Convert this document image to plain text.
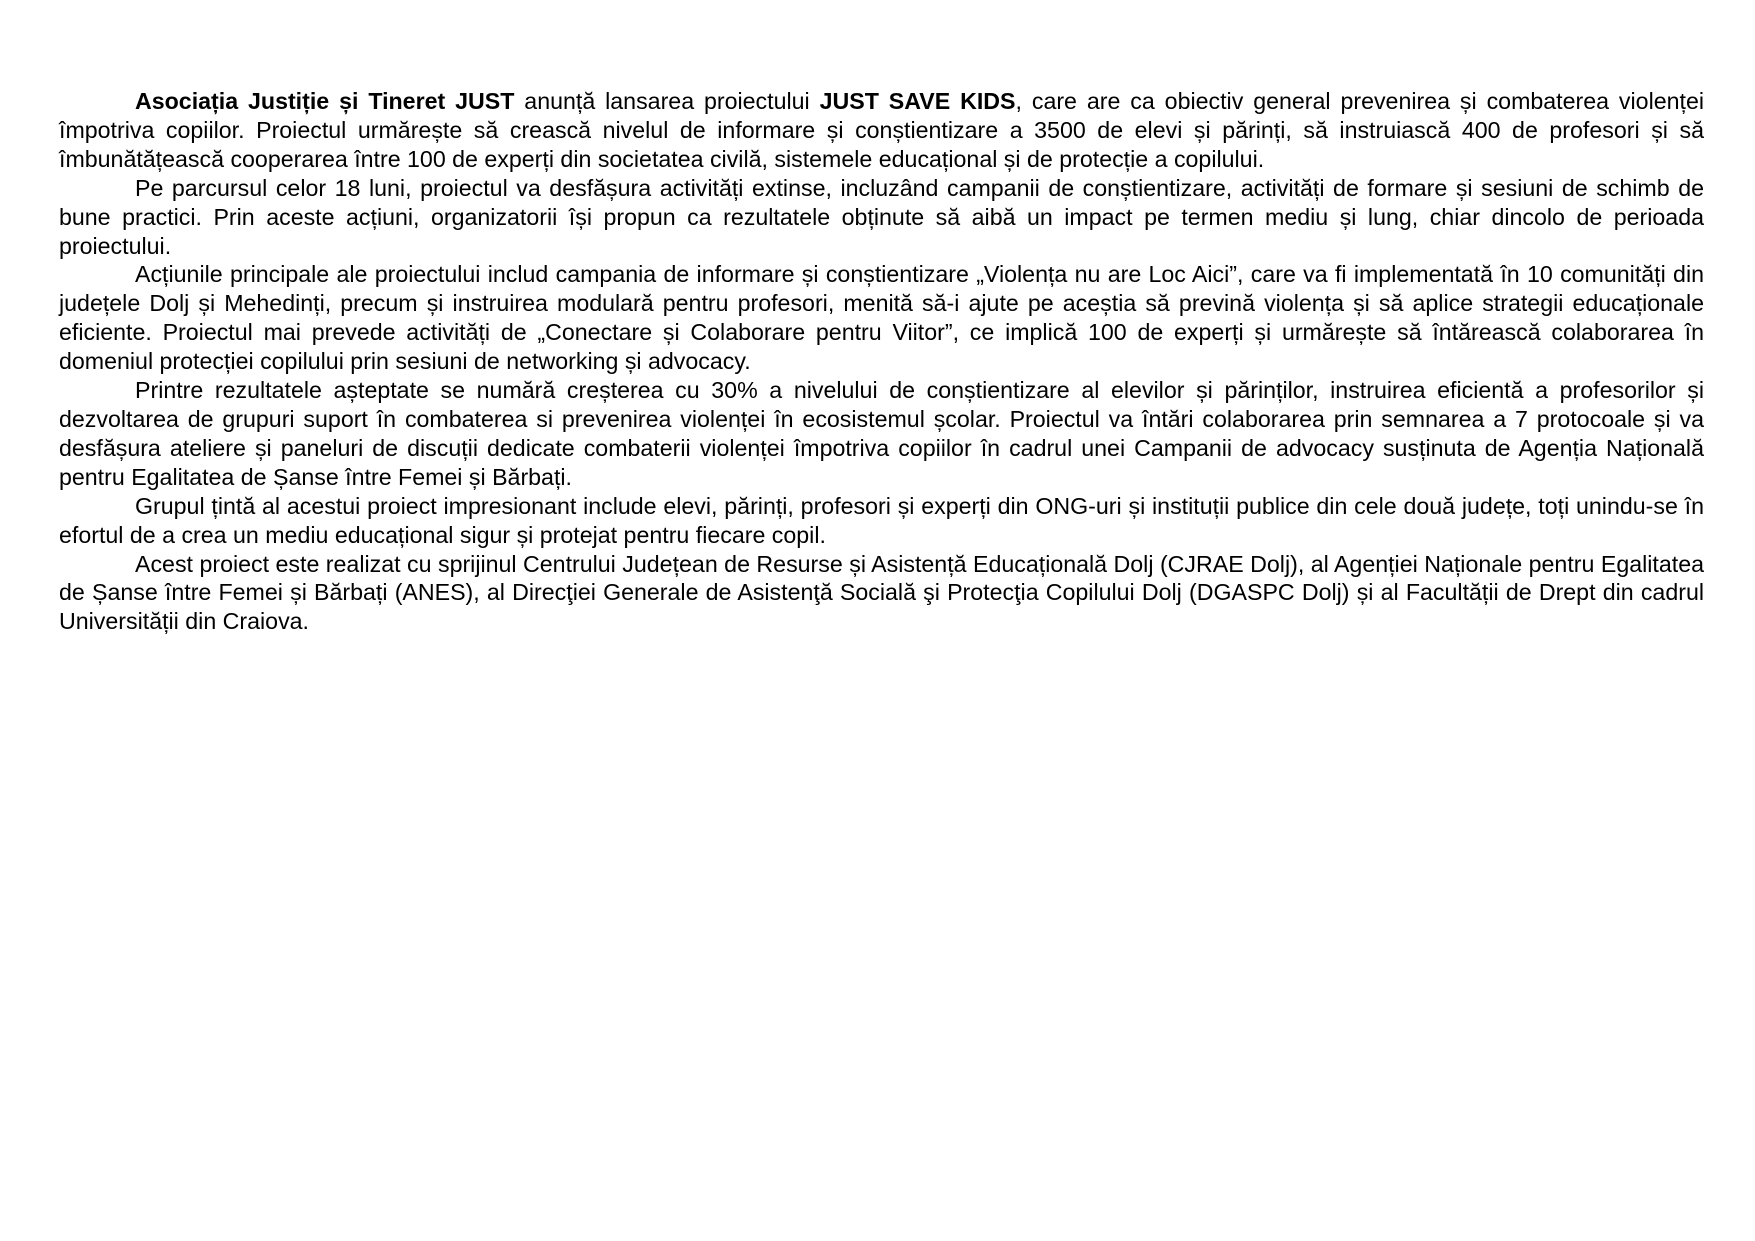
Asociația Justiție și Tineret JUST anunță lansarea proiectului JUST SAVE KIDS, care are ca obiectiv general prevenirea și combaterea violenței împotriva copiilor. Proiectul urmărește să crească nivelul de informare și conștientizare a 3500 de elevi și părinți, să instruiască 400 de profesori și să îmbunătățească cooperarea între 100 de experți din societatea civilă, sistemele educațional și de protecție a copilului.

Pe parcursul celor 18 luni, proiectul va desfășura activități extinse, incluzând campanii de conștientizare, activități de formare și sesiuni de schimb de bune practici. Prin aceste acțiuni, organizatorii își propun ca rezultatele obținute să aibă un impact pe termen mediu și lung, chiar dincolo de perioada proiectului.

Acțiunile principale ale proiectului includ campania de informare și conștientizare „Violența nu are Loc Aici”, care va fi implementată în 10 comunități din județele Dolj și Mehedinți, precum și instruirea modulară pentru profesori, menită să-i ajute pe aceștia să prevină violența și să aplice strategii educaționale eficiente. Proiectul mai prevede activități de „Conectare și Colaborare pentru Viitor”, ce implică 100 de experți și urmărește să întărească colaborarea în domeniul protecției copilului prin sesiuni de networking și advocacy.

Printre rezultatele așteptate se numără creșterea cu 30% a nivelului de conștientizare al elevilor și părinților, instruirea eficientă a profesorilor și dezvoltarea de grupuri suport în combaterea si prevenirea violenței în ecosistemul școlar. Proiectul va întări colaborarea prin semnarea a 7 protocoale și va desfășura ateliere și paneluri de discuții dedicate combaterii violenței împotriva copiilor în cadrul unei Campanii de advocacy susținuta de Agenția Națională pentru Egalitatea de Șanse între Femei și Bărbați.

Grupul țintă al acestui proiect impresionant include elevi, părinți, profesori și experți din ONG-uri și instituții publice din cele două județe, toți unindu-se în efortul de a crea un mediu educațional sigur și protejat pentru fiecare copil.

Acest proiect este realizat cu sprijinul Centrului Județean de Resurse și Asistență Educațională Dolj (CJRAE Dolj), al Agenției Naționale pentru Egalitatea de Șanse între Femei și Bărbați (ANES), al Direcţiei Generale de Asistenţă Socială şi Protecţia Copilului Dolj (DGASPC Dolj) și al Facultății de Drept din cadrul Universității din Craiova.
